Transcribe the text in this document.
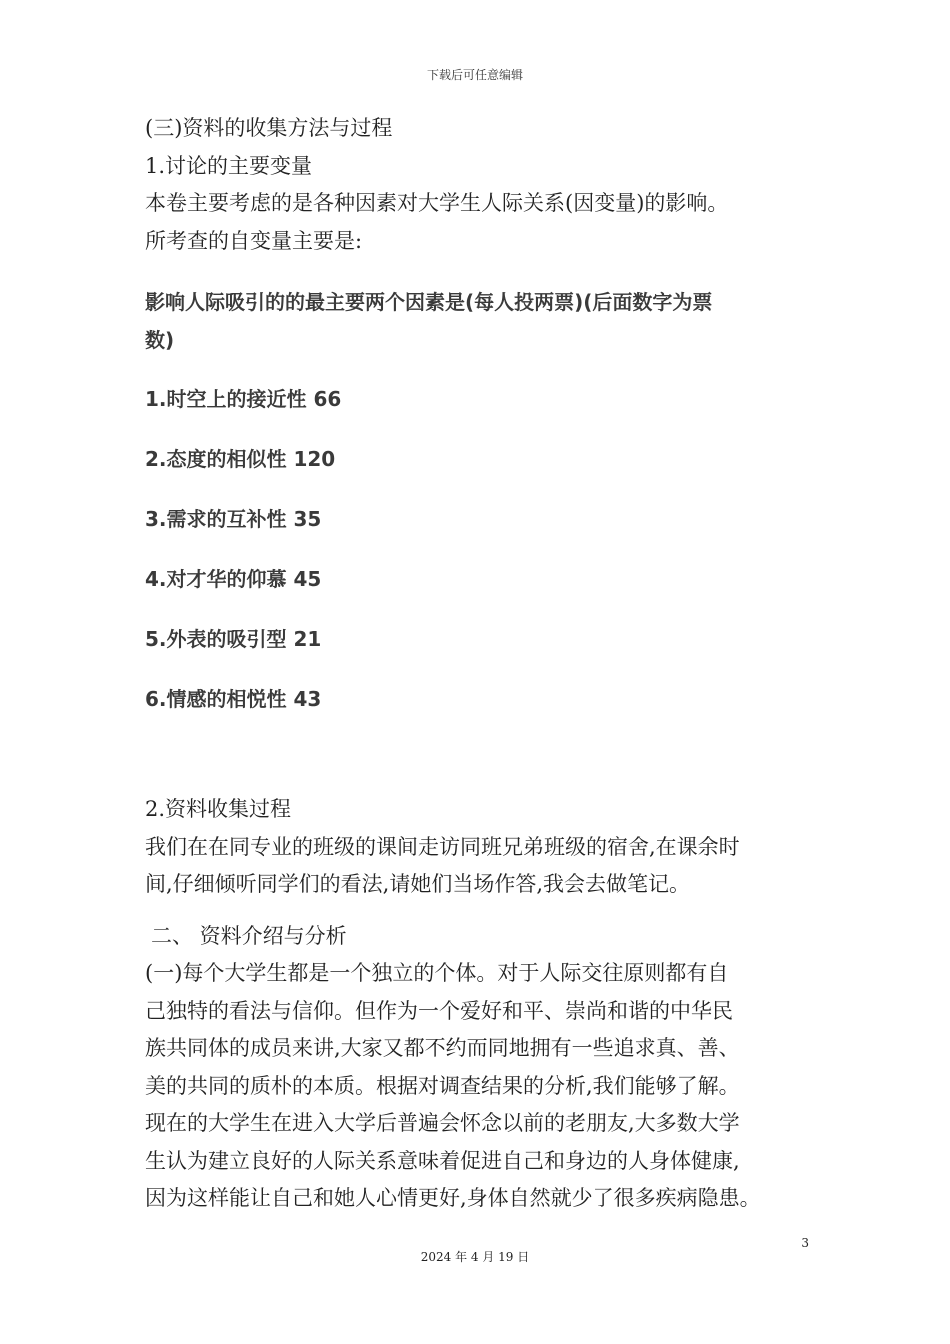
下载后可任意编辑
(三)资料的收集方法与过程
1.讨论的主要变量
本卷主要考虑的是各种因素对大学生人际关系(因变量)的影响。
所考查的自变量主要是:
影响人际吸引的的最主要两个因素是(每人投两票)(后面数字为票
数)
1.时空上的接近性 66
2.态度的相似性 120
3.需求的互补性 35
4.对才华的仰慕 45
5.外表的吸引型 21
6.情感的相悦性 43
2.资料收集过程
我们在在同专业的班级的课间走访同班兄弟班级的宿舍,在课余时
间,仔细倾听同学们的看法,请她们当场作答,我会去做笔记。
二、 资料介绍与分析
(一)每个大学生都是一个独立的个体。对于人际交往原则都有自
己独特的看法与信仰。但作为一个爱好和平、崇尚和谐的中华民
族共同体的成员来讲,大家又都不约而同地拥有一些追求真、善、
美的共同的质朴的本质。根据对调查结果的分析,我们能够了解。
现在的大学生在进入大学后普遍会怀念以前的老朋友,大多数大学
生认为建立良好的人际关系意味着促进自己和身边的人身体健康,
因为这样能让自己和她人心情更好,身体自然就少了很多疾病隐患。
3
2024 年 4 月 19 日
